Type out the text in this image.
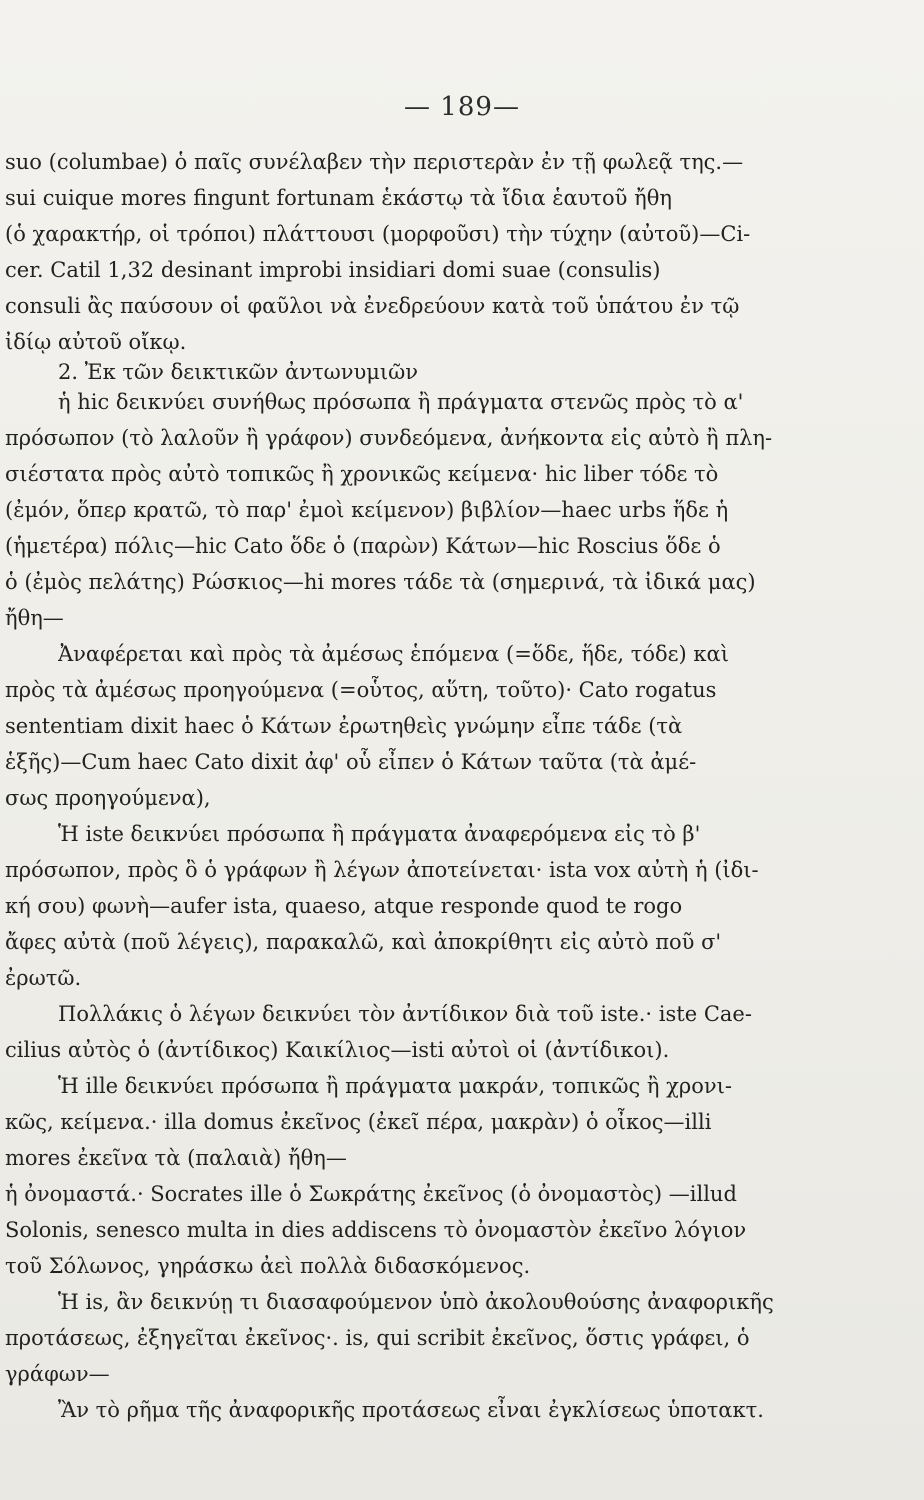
— 189—
suo (columbae) ὁ παῖς συνέλαβεν τὴν περιστερὰν ἐν τῇ φωλεᾷ της.—
sui cuique mores fingunt fortunam ἑκάστῳ τὰ ἴδια ἑαυτοῦ ἤθη
(ὁ χαρακτήρ, οἱ τρόποι) πλάττουσι (μορφοῦσι) τὴν τύχην (αὐτοῦ)—Ci-
cer. Catil 1,32 desinant improbi insidiari domi suae (consulis)
consuli ἂς παύσουν οἱ φαῦλοι νὰ ἐνεδρεύουν κατὰ τοῦ ὑπάτου ἐν τῷ
ἰδίῳ αὐτοῦ οἴκῳ.
2. Ἐκ τῶν δεικτικῶν ἀντωνυμιῶν
ἡ hic δεικνύει συνήθως πρόσωπα ἢ πράγματα στενῶς πρὸς τὸ α'
πρόσωπον (τὸ λαλοῦν ἢ γράφον) συνδεόμενα, ἀνήκοντα εἰς αὐτὸ ἢ πλη-
σιέστατα πρὸς αὐτὸ τοπικῶς ἢ χρονικῶς κείμενα· hic liber τόδε τὸ
(ἐμόν, ὅπερ κρατῶ, τὸ παρ' ἐμοὶ κείμενον) βιβλίον—haec urbs ἥδε ἡ
(ἡμετέρα) πόλις—hic Cato ὅδε ὁ (παρὼν) Κάτων—hic Roscius ὅδε ὁ
ὁ (ἐμὸς πελάτης) Ρώσκιος—hi mores τάδε τὰ (σημερινά, τὰ ἰδικά μας)
ἤθη—
Ἀναφέρεται καὶ πρὸς τὰ ἀμέσως ἑπόμενα (=ὅδε, ἥδε, τόδε) καὶ
πρὸς τὰ ἀμέσως προηγούμενα (=οὗτος, αὕτη, τοῦτο)· Cato rogatus
sententiam dixit haec ὁ Κάτων ἐρωτηθεὶς γνώμην εἶπε τάδε (τὰ
ἑξῆς)—Cum haec Cato dixit ἀφ' οὗ εἶπεν ὁ Κάτων ταῦτα (τὰ ἀμέ-
σως προηγούμενα),
Ἡ iste δεικνύει πρόσωπα ἢ πράγματα ἀναφερόμενα εἰς τὸ β'
πρόσωπον, πρὸς ὃ ὁ γράφων ἢ λέγων ἀποτείνεται· ista vox αὐτὴ ἡ (ἰδι-
κή σου) φωνὴ—aufer ista, quaeso, atque responde quod te rogo
ἄφες αὐτὰ (ποῦ λέγεις), παρακαλῶ, καὶ ἀποκρίθητι εἰς αὐτὸ ποῦ σ'
ἐρωτῶ.
Πολλάκις ὁ λέγων δεικνύει τὸν ἀντίδικον διὰ τοῦ iste.· iste Cae-
cilius αὐτὸς ὁ (ἀντίδικος) Καικίλιος—isti αὐτοὶ οἱ (ἀντίδικοι).
Ἡ ille δεικνύει πρόσωπα ἢ πράγματα μακράν, τοπικῶς ἢ χρονι-
κῶς, κείμενα.· illa domus ἐκεῖνος (ἐκεῖ πέρα, μακρὰν) ὁ οἶκος—illi
mores ἐκεῖνα τὰ (παλαιὰ) ἤθη—
ἡ ὀνομαστά.· Socrates ille ὁ Σωκράτης ἐκεῖνος (ὁ ὀνομαστὸς) —illud
Solonis, senesco multa in dies addiscens τὸ ὀνομαστὸν ἐκεῖνο λόγιον
τοῦ Σόλωνος, γηράσκω ἀεὶ πολλὰ διδασκόμενος.
Ἡ is, ἂν δεικνύῃ τι διασαφούμενον ὑπὸ ἀκολουθούσης ἀναφορικῆς
προτάσεως, ἐξηγεῖται ἐκεῖνος·. is, qui scribit ἐκεῖνος, ὅστις γράφει, ὁ
γράφων—
Ἂν τὸ ρῆμα τῆς ἀναφορικῆς προτάσεως εἶναι ἐγκλίσεως ὑποτακτ.
